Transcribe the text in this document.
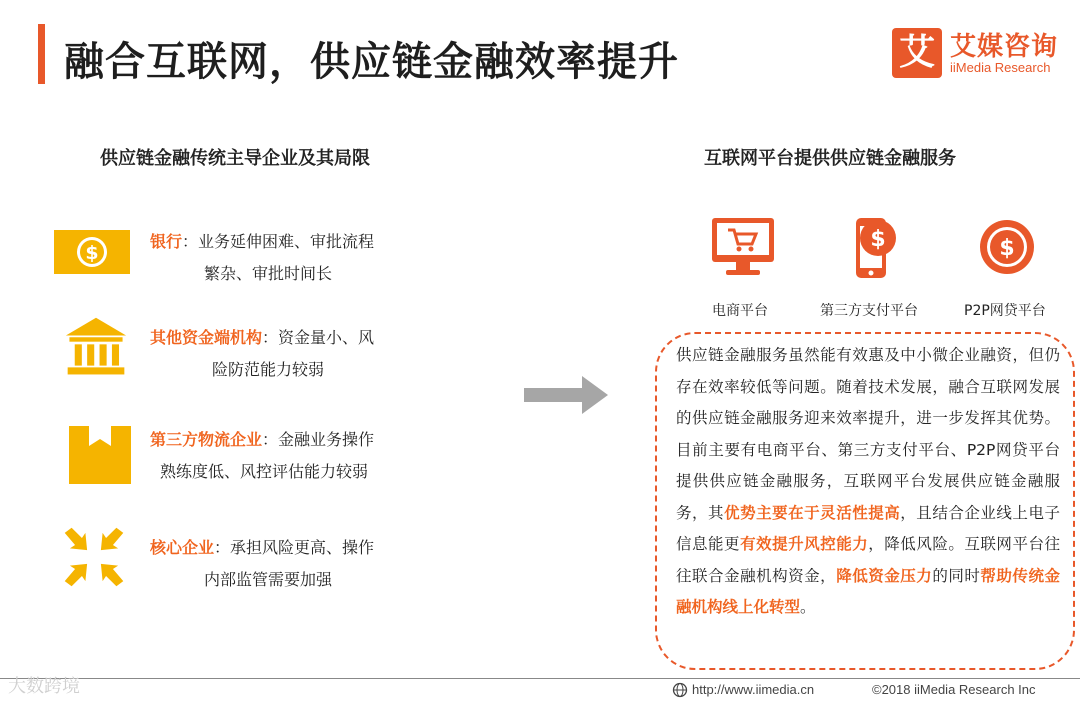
融合互联网，供应链金融效率提升	艾 艾媒咨询
iiMedia Research
供应链金融传统主导企业及其局限
$
银行：业务延伸困难、审批流程
繁杂、审批时间长
其他资金端机构：资金量小、风
险防范能力较弱
第三方物流企业：金融业务操作
熟练度低、风控评估能力较弱
核心企业：承担风险更高、操作
内部监管需要加强
互联网平台提供供应链金融服务
$	$
电商平台	第三方支付平台	P2P网贷平台
供应链金融服务虽然能有效惠及中小微企业融资，但仍存在效率较低等问题。随着技术发展，融合互联网发展的供应链金融服务迎来效率提升，进一步发挥其优势。目前主要有电商平台、第三方支付平台、P2P网贷平台提供供应链金融服务，互联网平台发展供应链金融服务，其优势主要在于灵活性提高，且结合企业线上电子信息能更有效提升风控能力，降低风险。互联网平台往往联合金融机构资金，降低资金压力的同时帮助传统金融机构线上化转型。
大数跨境	http://www.iimedia.cn	©2018 iiMedia Research Inc
